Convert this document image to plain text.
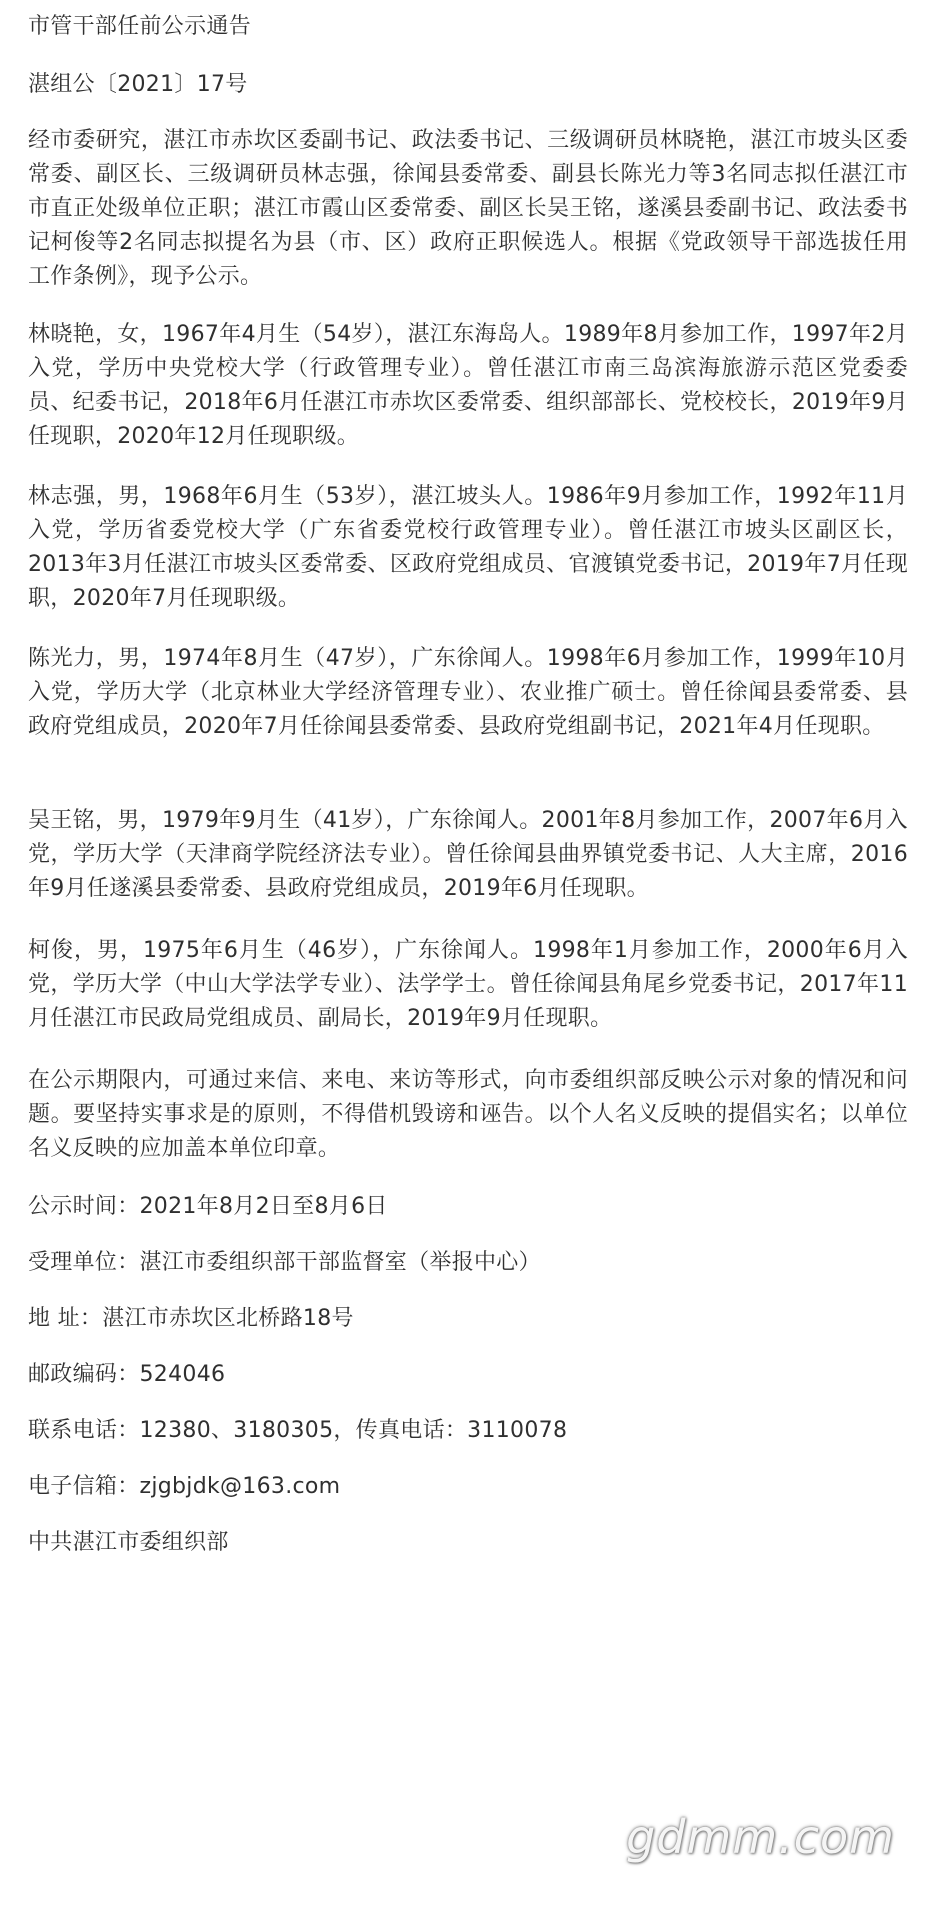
市管干部任前公示通告
湛组公〔2021〕17号
经市委研究，湛江市赤坎区委副书记、政法委书记、三级调研员林晓艳，湛江市坡头区委常委、副区长、三级调研员林志强，徐闻县委常委、副县长陈光力等3名同志拟任湛江市市直正处级单位正职；湛江市霞山区委常委、副区长吴王铭，遂溪县委副书记、政法委书记柯俊等2名同志拟提名为县（市、区）政府正职候选人。根据《党政领导干部选拔任用工作条例》，现予公示。
林晓艳，女，1967年4月生（54岁），湛江东海岛人。1989年8月参加工作，1997年2月入党，学历中央党校大学（行政管理专业）。曾任湛江市南三岛滨海旅游示范区党委委员、纪委书记，2018年6月任湛江市赤坎区委常委、组织部部长、党校校长，2019年9月任现职，2020年12月任现职级。
林志强，男，1968年6月生（53岁），湛江坡头人。1986年9月参加工作，1992年11月入党，学历省委党校大学（广东省委党校行政管理专业）。曾任湛江市坡头区副区长，2013年3月任湛江市坡头区委常委、区政府党组成员、官渡镇党委书记，2019年7月任现职，2020年7月任现职级。
陈光力，男，1974年8月生（47岁），广东徐闻人。1998年6月参加工作，1999年10月入党，学历大学（北京林业大学经济管理专业）、农业推广硕士。曾任徐闻县委常委、县政府党组成员，2020年7月任徐闻县委常委、县政府党组副书记，2021年4月任现职。
吴王铭，男，1979年9月生（41岁），广东徐闻人。2001年8月参加工作，2007年6月入党，学历大学（天津商学院经济法专业）。曾任徐闻县曲界镇党委书记、人大主席，2016年9月任遂溪县委常委、县政府党组成员，2019年6月任现职。
柯俊，男，1975年6月生（46岁），广东徐闻人。1998年1月参加工作，2000年6月入党，学历大学（中山大学法学专业）、法学学士。曾任徐闻县角尾乡党委书记，2017年11月任湛江市民政局党组成员、副局长，2019年9月任现职。
在公示期限内，可通过来信、来电、来访等形式，向市委组织部反映公示对象的情况和问题。要坚持实事求是的原则，不得借机毁谤和诬告。以个人名义反映的提倡实名；以单位名义反映的应加盖本单位印章。
公示时间：2021年8月2日至8月6日
受理单位：湛江市委组织部干部监督室（举报中心）
地 址：湛江市赤坎区北桥路18号
邮政编码：524046
联系电话：12380、3180305，传真电话：3110078
电子信箱：zjgbjdk@163.com
中共湛江市委组织部
gdmm.com
